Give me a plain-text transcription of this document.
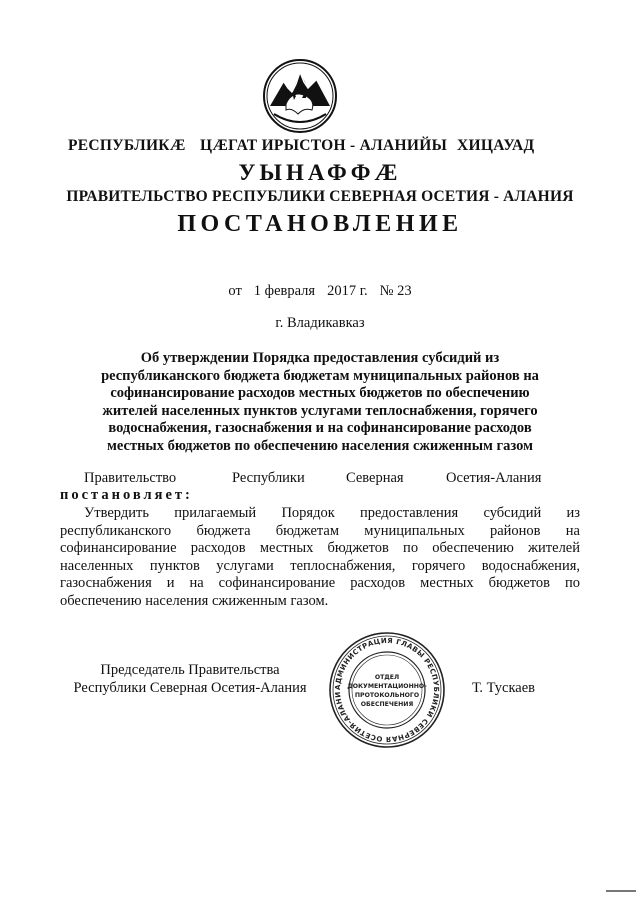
РЕСПУБЛИКӔ ЦӔГАТ ИРЫСТОН - АЛАНИЙЫ ХИЦАУАД
УЫНАФФӔ
ПРАВИТЕЛЬСТВО РЕСПУБЛИКИ СЕВЕРНАЯ ОСЕТИЯ - АЛАНИЯ
ПОСТАНОВЛЕНИЕ
от 1 февраля 2017 г. № 23
г. Владикавказ
Об утверждении Порядка предоставления субсидий из
республиканского бюджета бюджетам муниципальных районов на
софинансирование расходов местных бюджетов по обеспечению
жителей населенных пунктов услугами теплоснабжения, горячего
водоснабжения, газоснабжения и на софинансирование расходов
местных бюджетов по обеспечению населения сжиженным газом
Правительство	Республики	Северная	Осетия-Алания
постановляет:
Утвердить прилагаемый Порядок предоставления субсидий из республиканского бюджета бюджетам муниципальных районов на софинансирование расходов местных бюджетов по обеспечению жителей населенных пунктов услугами теплоснабжения, горячего водоснабжения, газоснабжения и на софинансирование расходов местных бюджетов по обеспечению населения сжиженным газом.
Председатель Правительства
Республики Северная Осетия-Алания	АДМИНИСТРАЦИЯ ГЛАВЫ РЕСПУБЛИКИ СЕВЕРНАЯ ОСЕТИЯ-АЛАНИ
ОТДЕЛ
ДОКУМЕНТАЦИОННО-
ПРОТОКОЛЬНОГО
ОБЕСПЕЧЕНИЯ
Т. Тускаев
